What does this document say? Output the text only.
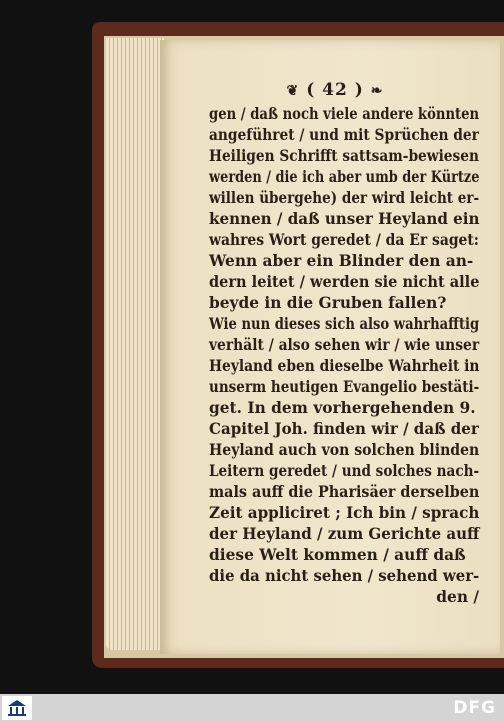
❦ ( 42 ) ❧
gen / daß noch viele andere könnten
angeführet / und mit Sprüchen der
Heiligen Schrifft sattsam-bewiesen
werden / die ich aber umb der Kürtze
willen übergehe) der wird leicht er-
kennen / daß unser Heyland ein
wahres Wort geredet / da Er saget:
Wenn aber ein Blinder den an-
dern leitet / werden sie nicht alle
beyde in die Gruben fallen?
Wie nun dieses sich also wahrhafftig
verhält / also sehen wir / wie unser
Heyland eben dieselbe Wahrheit in
unserm heutigen Evangelio bestäti-
get. In dem vorhergehenden 9.
Capitel Joh. finden wir / daß der
Heyland auch von solchen blinden
Leitern geredet / und solches nach-
mals auff die Pharisäer derselben
Zeit appliciret ; Ich bin / sprach
der Heyland / zum Gerichte auff
diese Welt kommen / auff daß
die da nicht sehen / sehend wer-
den /
DFG
